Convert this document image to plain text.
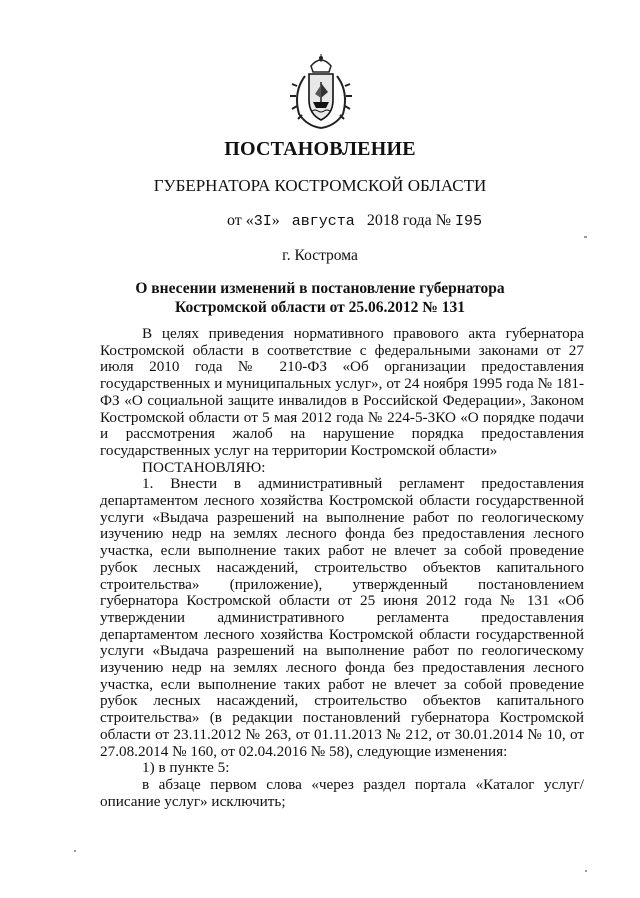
ПОСТАНОВЛЕНИЕ
ГУБЕРНАТОРА КОСТРОМСКОЙ ОБЛАСТИ
от «3I» августа 2018 года № I95
г. Кострома
О внесении изменений в постановление губернатора
Костромской области от 25.06.2012 № 131

В целях приведения нормативного правового акта губернатора Костромской области в соответствие с федеральными законами от 27 июля 2010 года № 210-ФЗ «Об организации предоставления государственных и муниципальных услуг», от 24 ноября 1995 года № 181-ФЗ «О социальной защите инвалидов в Российской Федерации», Законом Костромской области от 5 мая 2012 года № 224-5-ЗКО «О порядке подачи и рассмотрения жалоб на нарушение порядка предоставления государственных услуг на территории Костромской области»

ПОСТАНОВЛЯЮ:

1. Внести в административный регламент предоставления департаментом лесного хозяйства Костромской области государственной услуги «Выдача разрешений на выполнение работ по геологическому изучению недр на землях лесного фонда без предоставления лесного участка, если выполнение таких работ не влечет за собой проведение рубок лесных насаждений, строительство объектов капитального строительства» (приложение), утвержденный постановлением губернатора Костромской области от 25 июня 2012 года № 131 «Об утверждении административного регламента предоставления департаментом лесного хозяйства Костромской области государственной услуги «Выдача разрешений на выполнение работ по геологическому изучению недр на землях лесного фонда без предоставления лесного участка, если выполнение таких работ не влечет за собой проведение рубок лесных насаждений, строительство объектов капитального строительства» (в редакции постановлений губернатора Костромской области от 23.11.2012 № 263, от 01.11.2013 № 212, от 30.01.2014 № 10, от 27.08.2014 № 160, от 02.04.2016 № 58), следующие изменения:

1) в пункте 5:

в абзаце первом слова «через раздел портала «Каталог услуг/описание услуг» исключить;
